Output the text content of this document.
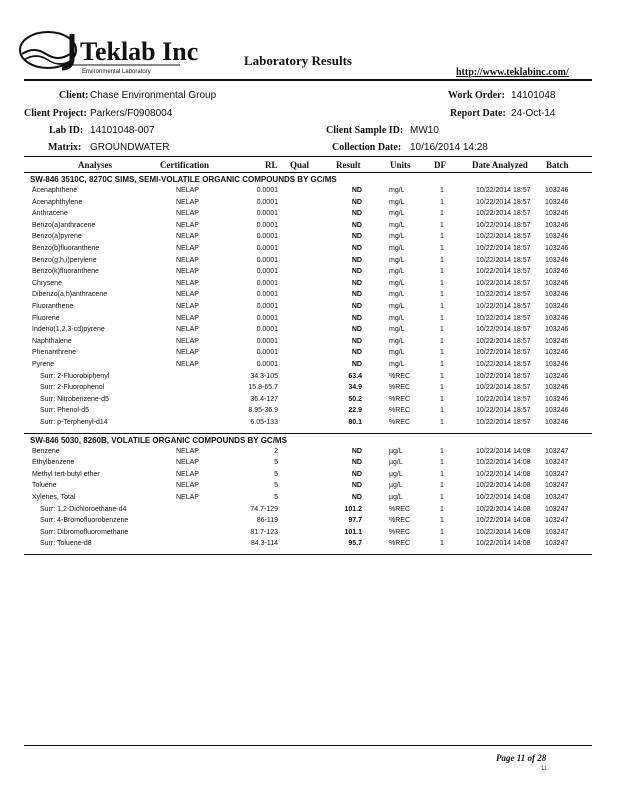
Teklab Inc
Environmental Laboratory
Laboratory Results
http://www.teklabinc.com/
Client: Chase Environmental Group
Client Project: Parkers/F0908004
Lab ID: 14101048-007
Matrix: GROUNDWATER
Work Order: 14101048
Report Date: 24-Oct-14
Client Sample ID: MW10
Collection Date: 10/16/2014 14:28
Analyses	Certification	RL Qual	Result	Units	DF	Date Analyzed Batch
SW-846 3510C, 8270C SIMS, SEMI-VOLATILE ORGANIC COMPOUNDS BY GC/MS
Acenaphthene	NELAP	0.0001	ND	mg/L	1	10/22/2014 18:57 103246
Acenaphthylene	NELAP	0.0001	ND	mg/L	1	10/22/2014 18:57 103246
Anthracene	NELAP	0.0001	ND	mg/L	1	10/22/2014 18:57 103246
Benzo(a)anthracene	NELAP	0.0001	ND	mg/L	1	10/22/2014 18:57 103246
Benzo(a)pyrene	NELAP	0.0001	ND	mg/L	1	10/22/2014 18:57 103246
Benzo(b)fluoranthene	NELAP	0.0001	ND	mg/L	1	10/22/2014 18:57 103246
Benzo(g,h,i)perylene	NELAP	0.0001	ND	mg/L	1	10/22/2014 18:57 103246
Benzo(k)fluoranthene	NELAP	0.0001	ND	mg/L	1	10/22/2014 18:57 103246
Chrysene	NELAP	0.0001	ND	mg/L	1	10/22/2014 18:57 103246
Dibenzo(a,h)anthracene	NELAP	0.0001	ND	mg/L	1	10/22/2014 18:57 103246
Fluoranthene	NELAP	0.0001	ND	mg/L	1	10/22/2014 18:57 103246
Fluorene	NELAP	0.0001	ND	mg/L	1	10/22/2014 18:57 103246
Indeno(1,2,3-cd)pyrene	NELAP	0.0001	ND	mg/L	1	10/22/2014 18:57 103246
Naphthalene	NELAP	0.0001	ND	mg/L	1	10/22/2014 18:57 103246
Phenanthrene	NELAP	0.0001	ND	mg/L	1	10/22/2014 18:57 103246
Pyrene	NELAP	0.0001	ND	mg/L	1	10/22/2014 18:57 103246
Surr: 2-Fluorobiphenyl	34.3-105	63.4	%REC	1	10/22/2014 18:57 103246
Surr: 2-Fluorophenol	15.8-65.7	34.9	%REC	1	10/22/2014 18:57 103246
Surr: Nitrobenzene-d5	36.4-127	50.2	%REC	1	10/22/2014 18:57 103246
Surr: Phenol-d5	8.95-36.9	22.9	%REC	1	10/22/2014 18:57 103246
Surr: p-Terphenyl-d14	6.05-133	80.1	%REC	1	10/22/2014 18:57 103246
SW-846 5030, 8260B, VOLATILE ORGANIC COMPOUNDS BY GC/MS
Benzene	NELAP	2	ND	µg/L	1	10/22/2014 14:08 103247
Ethylbenzene	NELAP	5	ND	µg/L	1	10/22/2014 14:08 103247
Methyl tert-butyl ether	NELAP	5	ND	µg/L	1	10/22/2014 14:08 103247
Toluene	NELAP	5	ND	µg/L	1	10/22/2014 14:08 103247
Xylenes, Total	NELAP	5	ND	µg/L	1	10/22/2014 14:08 103247
Surr: 1,2-Dichloroethane-d4	74.7-129	101.2	%REC	1	10/22/2014 14:08 103247
Surr: 4-Bromofluorobenzene	86-119	97.7	%REC	1	10/22/2014 14:08 103247
Surr: Dibromofluoromethane	81.7-123	101.1	%REC	1	10/22/2014 14:08 103247
Surr: Toluene-d8	84.3-114	95.7	%REC	1	10/22/2014 14:08 103247
Page 11 of 28
11
